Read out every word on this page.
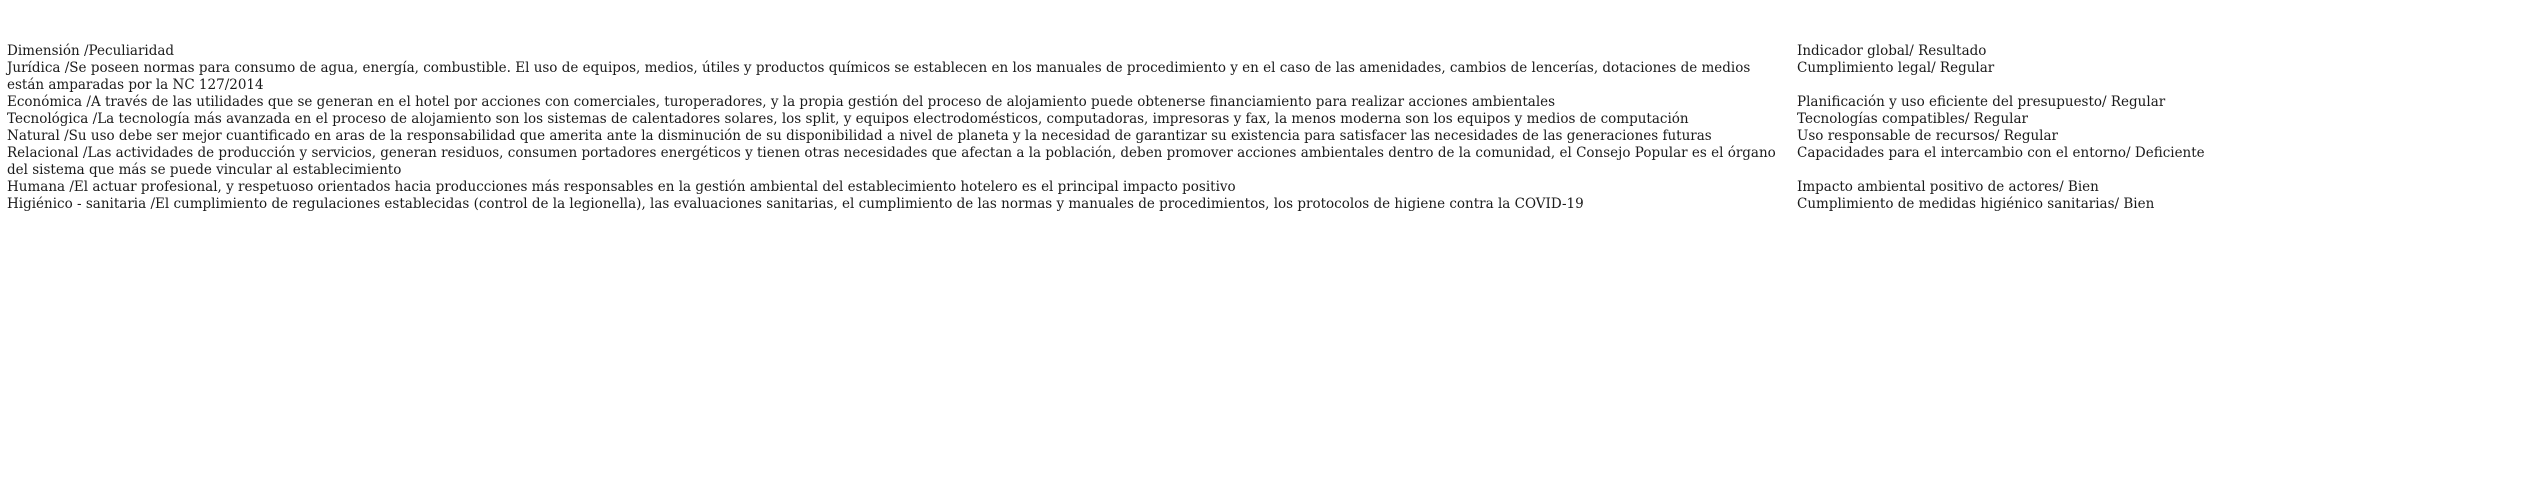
Dimensión /Peculiaridad	Indicador global/ Resultado
Jurídica /Se poseen normas para consumo de agua, energía, combustible. El uso de equipos, medios, útiles y productos químicos se establecen en los manuales de procedimiento y en el caso de las amenidades, cambios de lencerías, dotaciones de medios están amparadas por la NC 127/2014	Cumplimiento legal/ Regular
Económica /A través de las utilidades que se generan en el hotel por acciones con comerciales, turoperadores, y la propia gestión del proceso de alojamiento puede obtenerse financiamiento para realizar acciones ambientales	Planificación y uso eficiente del presupuesto/ Regular
Tecnológica /La tecnología más avanzada en el proceso de alojamiento son los sistemas de calentadores solares, los split, y equipos electrodomésticos, computadoras, impresoras y fax, la menos moderna son los equipos y medios de computación	Tecnologías compatibles/ Regular
Natural /Su uso debe ser mejor cuantificado en aras de la responsabilidad que amerita ante la disminución de su disponibilidad a nivel de planeta y la necesidad de garantizar su existencia para satisfacer las necesidades de las generaciones futuras	Uso responsable de recursos/ Regular
Relacional /Las actividades de producción y servicios, generan residuos, consumen portadores energéticos y tienen otras necesidades que afectan a la población, deben promover acciones ambientales dentro de la comunidad, el Consejo Popular es el órgano del sistema que más se puede vincular al establecimiento	Capacidades para el intercambio con el entorno/ Deficiente
Humana /El actuar profesional, y respetuoso orientados hacia producciones más responsables en la gestión ambiental del establecimiento hotelero es el principal impacto positivo	Impacto ambiental positivo de actores/ Bien
Higiénico - sanitaria /El cumplimiento de regulaciones establecidas (control de la legionella), las evaluaciones sanitarias, el cumplimiento de las normas y manuales de procedimientos, los protocolos de higiene contra la COVID-19	Cumplimiento de medidas higiénico sanitarias/ Bien
